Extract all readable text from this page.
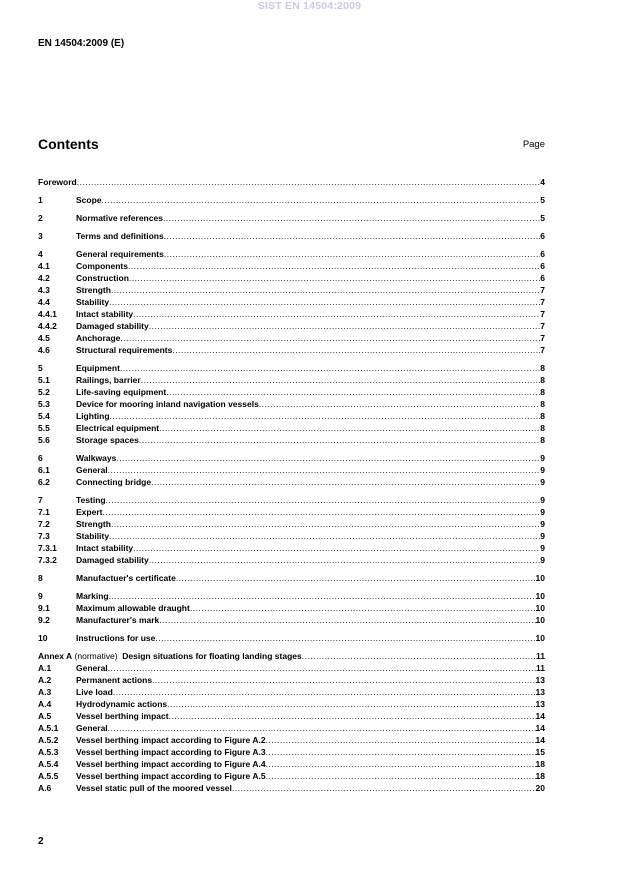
SIST EN 14504:2009
EN 14504:2009 (E)
Contents	Page
Foreword .....	4
1	Scope .....	5
2	Normative references .....	5
3	Terms and definitions .....	6
4	General requirements .....	6
4.1	Components .....	6
4.2	Construction .....	6
4.3	Strength .....	7
4.4	Stability .....	7
4.4.1	Intact stability .....	7
4.4.2	Damaged stability .....	7
4.5	Anchorage .....	7
4.6	Structural requirements .....	7
5	Equipment .....	8
5.1	Railings, barrier .....	8
5.2	Life-saving equipment .....	8
5.3	Device for mooring inland navigation vessels .....	8
5.4	Lighting .....	8
5.5	Electrical equipment .....	8
5.6	Storage spaces .....	8
6	Walkways .....	9
6.1	General .....	9
6.2	Connecting bridge .....	9
7	Testing .....	9
7.1	Expert .....	9
7.2	Strength .....	9
7.3	Stability .....	9
7.3.1	Intact stability .....	9
7.3.2	Damaged stability .....	9
8	Manufactuer's certificate .....	10
9	Marking .....	10
9.1	Maximum allowable draught .....	10
9.2	Manufacturer's mark .....	10
10	Instructions for use .....	10
Annex A
(normative)
Design situations for floating landing stages .....	11
A.1	General .....	11
A.2	Permanent actions .....	13
A.3	Live load .....	13
A.4	Hydrodynamic actions .....	13
A.5	Vessel berthing impact .....	14
A.5.1	General .....	14
A.5.2	Vessel berthing impact according to Figure A.2 .....	14
A.5.3	Vessel berthing impact according to Figure A.3 .....	15
A.5.4	Vessel berthing impact according to Figure A.4 .....	18
A.5.5	Vessel berthing impact according to Figure A.5 .....	18
A.6	Vessel static pull of the moored vessel .....	20
2
